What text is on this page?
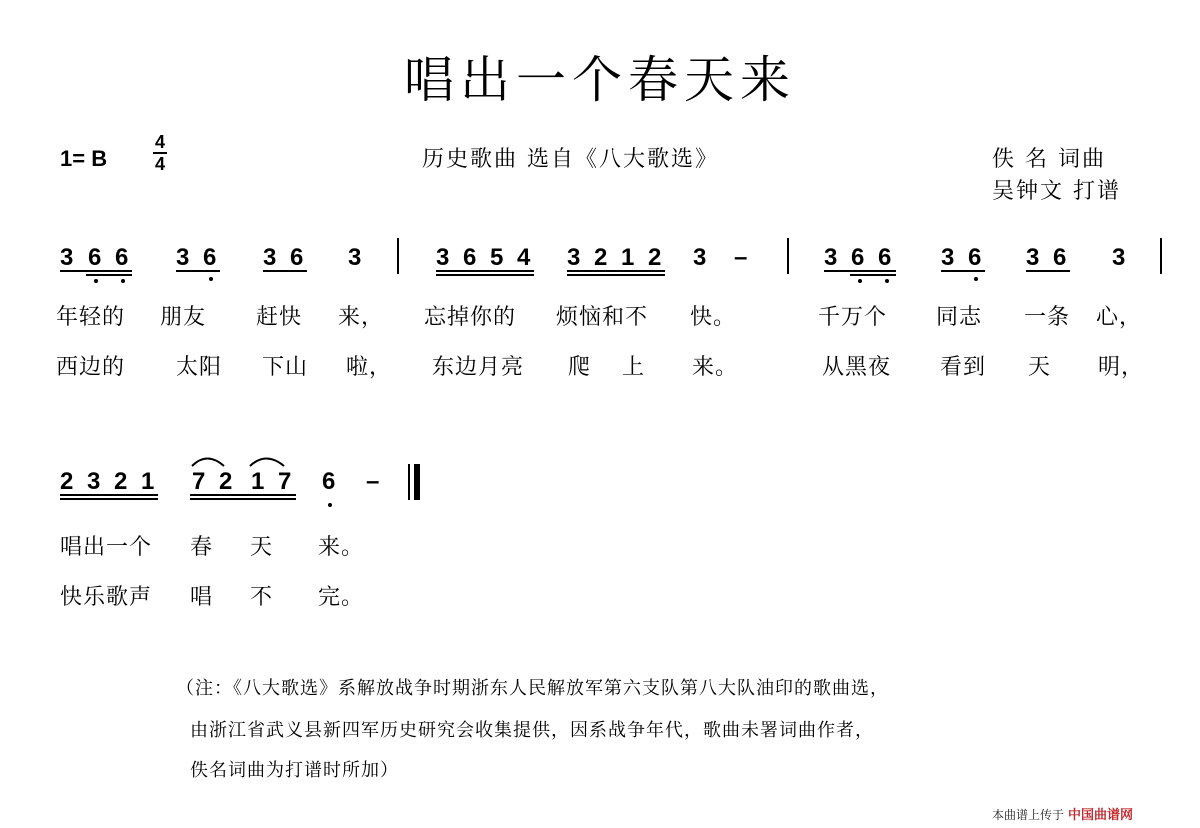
唱出一个春天来
1= B
4
4	历史歌曲 选自《八大歌选》	佚 名 词曲
吴钟文 打谱
3 6 6 3 6 3 6 3	3 6 5 4 3 2 1 2 3 –	3 6 6 3 6 3 6 3
年轻的 朋友 赶快 来， 忘掉你的 烦恼和不 快。	千万个 同志 一条 心，
西边的 太阳 下山 啦， 东边月亮 爬 上 来。	从黑夜 看到 天 明，
2 3 2 1 7 2 1 7 6 –
唱出一个 春 天 来。
快乐歌声 唱 不 完。
（注：《八大歌选》系解放战争时期浙东人民解放军第六支队第八大队油印的歌曲选，
由浙江省武义县新四军历史研究会收集提供，因系战争年代，歌曲未署词曲作者，
佚名词曲为打谱时所加）
本曲谱上传于 中国曲谱网
